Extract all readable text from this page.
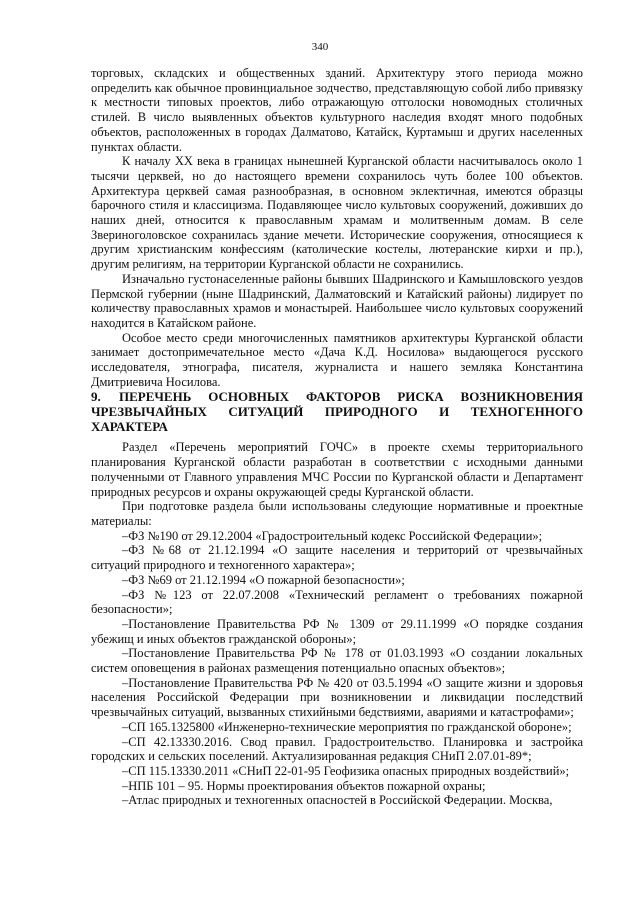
340

торговых, складских и общественных зданий. Архитектуру этого периода можно определить как обычное провинциальное зодчество, представляющую собой либо привязку к местности типовых проектов, либо отражающую отголоски новомодных столичных стилей. В число выявленных объектов культурного наследия входят много подобных объектов, расположенных в городах Далматово, Катайск, Куртамыш и других населенных пунктах области.

К началу XX века в границах нынешней Курганской области насчитывалось около 1 тысячи церквей, но до настоящего времени сохранилось чуть более 100 объектов. Архитектура церквей самая разнообразная, в основном эклектичная, имеются образцы барочного стиля и классицизма. Подавляющее число культовых сооружений, доживших до наших дней, относится к православным храмам и молитвенным домам. В селе Звериноголовское сохранилась здание мечети. Исторические сооружения, относящиеся к другим христианским конфессиям (католические костелы, лютеранские кирхи и пр.), другим религиям, на территории Курганской области не сохранились.

Изначально густонаселенные районы бывших Шадринского и Камышловского уездов Пермской губернии (ныне Шадринский, Далматовский и Катайский районы) лидирует по количеству православных храмов и монастырей. Наибольшее число культовых сооружений находится в Катайском районе.

Особое место среди многочисленных памятников архитектуры Курганской области занимает достопримечательное место «Дача К.Д. Носилова» выдающегося русского исследователя, этнографа, писателя, журналиста и нашего земляка Константина Дмитриевича Носилова.

9. ПЕРЕЧЕНЬ ОСНОВНЫХ ФАКТОРОВ РИСКА ВОЗНИКНОВЕНИЯ ЧРЕЗВЫЧАЙНЫХ СИТУАЦИЙ ПРИРОДНОГО И ТЕХНОГЕННОГО ХАРАКТЕРА

Раздел «Перечень мероприятий ГОЧС» в проекте схемы территориального планирования Курганской области разработан в соответствии с исходными данными полученными от Главного управления МЧС России по Курганской области и Департамент природных ресурсов и охраны окружающей среды Курганской области.

При подготовке раздела были использованы следующие нормативные и проектные материалы:

–ФЗ №190 от 29.12.2004 «Градостроительный кодекс Российской Федерации»;

–ФЗ №68 от 21.12.1994 «О защите населения и территорий от чрезвычайных ситуаций природного и техногенного характера»;

–ФЗ №69 от 21.12.1994 «О пожарной безопасности»;

–ФЗ №123 от 22.07.2008 «Технический регламент о требованиях пожарной безопасности»;

–Постановление Правительства РФ № 1309 от 29.11.1999 «О порядке создания убежищ и иных объектов гражданской обороны»;

–Постановление Правительства РФ № 178 от 01.03.1993 «О создании локальных систем оповещения в районах размещения потенциально опасных объектов»;

–Постановление Правительства РФ № 420 от 03.5.1994 «О защите жизни и здоровья населения Российской Федерации при возникновении и ликвидации последствий чрезвычайных ситуаций, вызванных стихийными бедствиями, авариями и катастрофами»;

–СП 165.1325800 «Инженерно-технические мероприятия по гражданской обороне»;

–СП 42.13330.2016. Свод правил. Градостроительство. Планировка и застройка городских и сельских поселений. Актуализированная редакция СНиП 2.07.01-89*;

–СП 115.13330.2011 «СНиП 22-01-95 Геофизика опасных природных воздействий»;

–НПБ 101 – 95. Нормы проектирования объектов пожарной охраны;

–Атлас природных и техногенных опасностей в Российской Федерации. Москва,
